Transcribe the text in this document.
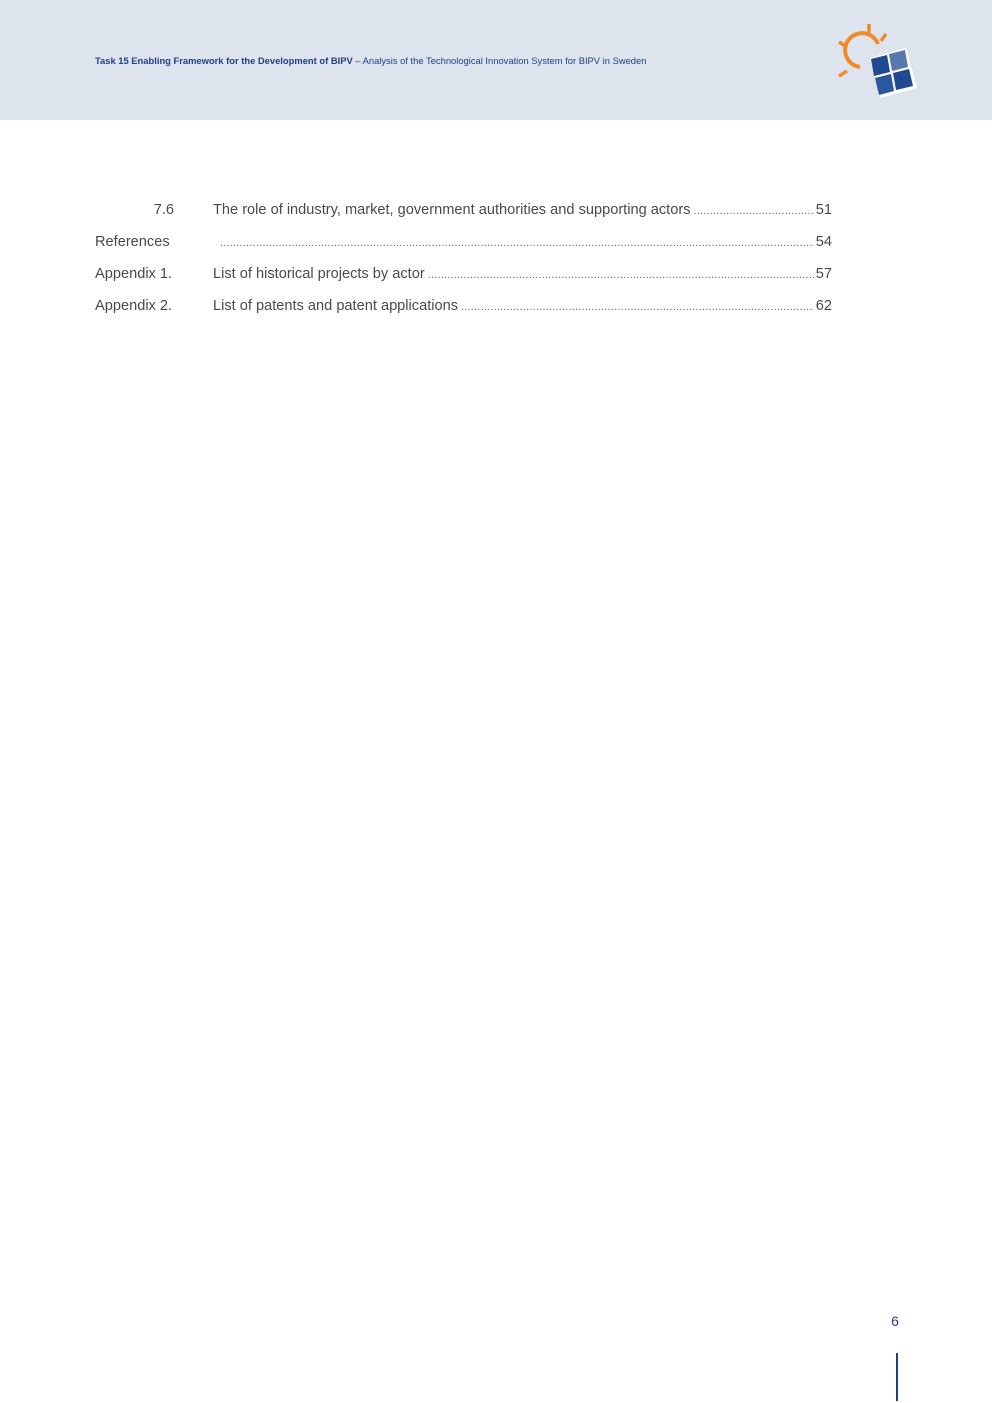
Task 15 Enabling Framework for the Development of BIPV – Analysis of the Technological Innovation System for BIPV in Sweden
7.6	The role of industry, market, government authorities and supporting actors .....	51
References .....	54
Appendix 1.	List of historical projects by actor .....	57
Appendix 2.	List of patents and patent applications .....	62
6
